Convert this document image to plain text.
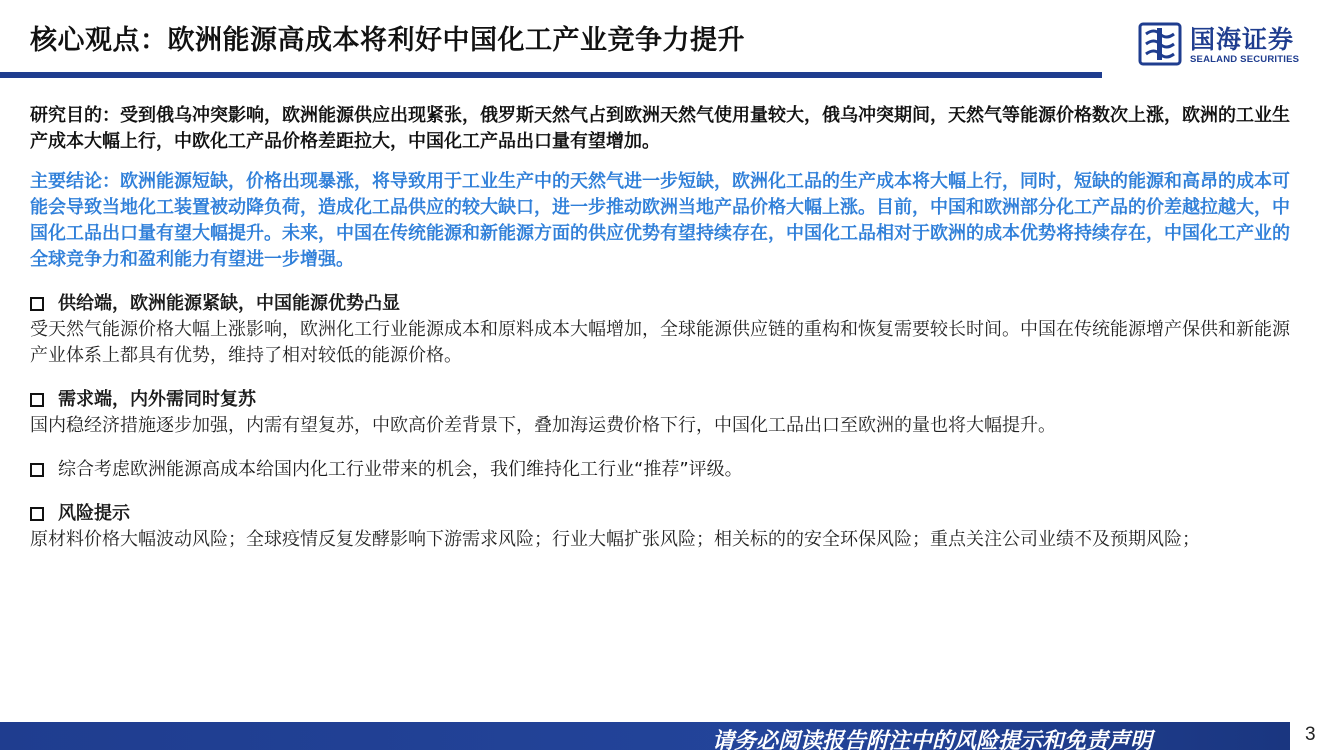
核心观点：欧洲能源高成本将利好中国化工产业竞争力提升	国海证券
SEALAND SECURITIES

研究目的：受到俄乌冲突影响，欧洲能源供应出现紧张，俄罗斯天然气占到欧洲天然气使用量较大，俄乌冲突期间，天然气等能源价格数次上涨，欧洲的工业生产成本大幅上行，中欧化工产品价格差距拉大，中国化工产品出口量有望增加。

主要结论：欧洲能源短缺，价格出现暴涨，将导致用于工业生产中的天然气进一步短缺，欧洲化工品的生产成本将大幅上行，同时，短缺的能源和高昂的成本可能会导致当地化工装置被动降负荷，造成化工品供应的较大缺口，进一步推动欧洲当地产品价格大幅上涨。目前，中国和欧洲部分化工产品的价差越拉越大，中国化工品出口量有望大幅提升。未来，中国在传统能源和新能源方面的供应优势有望持续存在，中国化工品相对于欧洲的成本优势将持续存在，中国化工产业的全球竞争力和盈利能力有望进一步增强。

供给端，欧洲能源紧缺，中国能源优势凸显

受天然气能源价格大幅上涨影响，欧洲化工行业能源成本和原料成本大幅增加，全球能源供应链的重构和恢复需要较长时间。中国在传统能源增产保供和新能源产业体系上都具有优势，维持了相对较低的能源价格。

需求端，内外需同时复苏

国内稳经济措施逐步加强，内需有望复苏，中欧高价差背景下，叠加海运费价格下行，中国化工品出口至欧洲的量也将大幅提升。

综合考虑欧洲能源高成本给国内化工行业带来的机会，我们维持化工行业“推荐”评级。
风险提示

原材料价格大幅波动风险；全球疫情反复发酵影响下游需求风险；行业大幅扩张风险；相关标的的安全环保风险；重点关注公司业绩不及预期风险；

请务必阅读报告附注中的风险提示和免责声明	3
